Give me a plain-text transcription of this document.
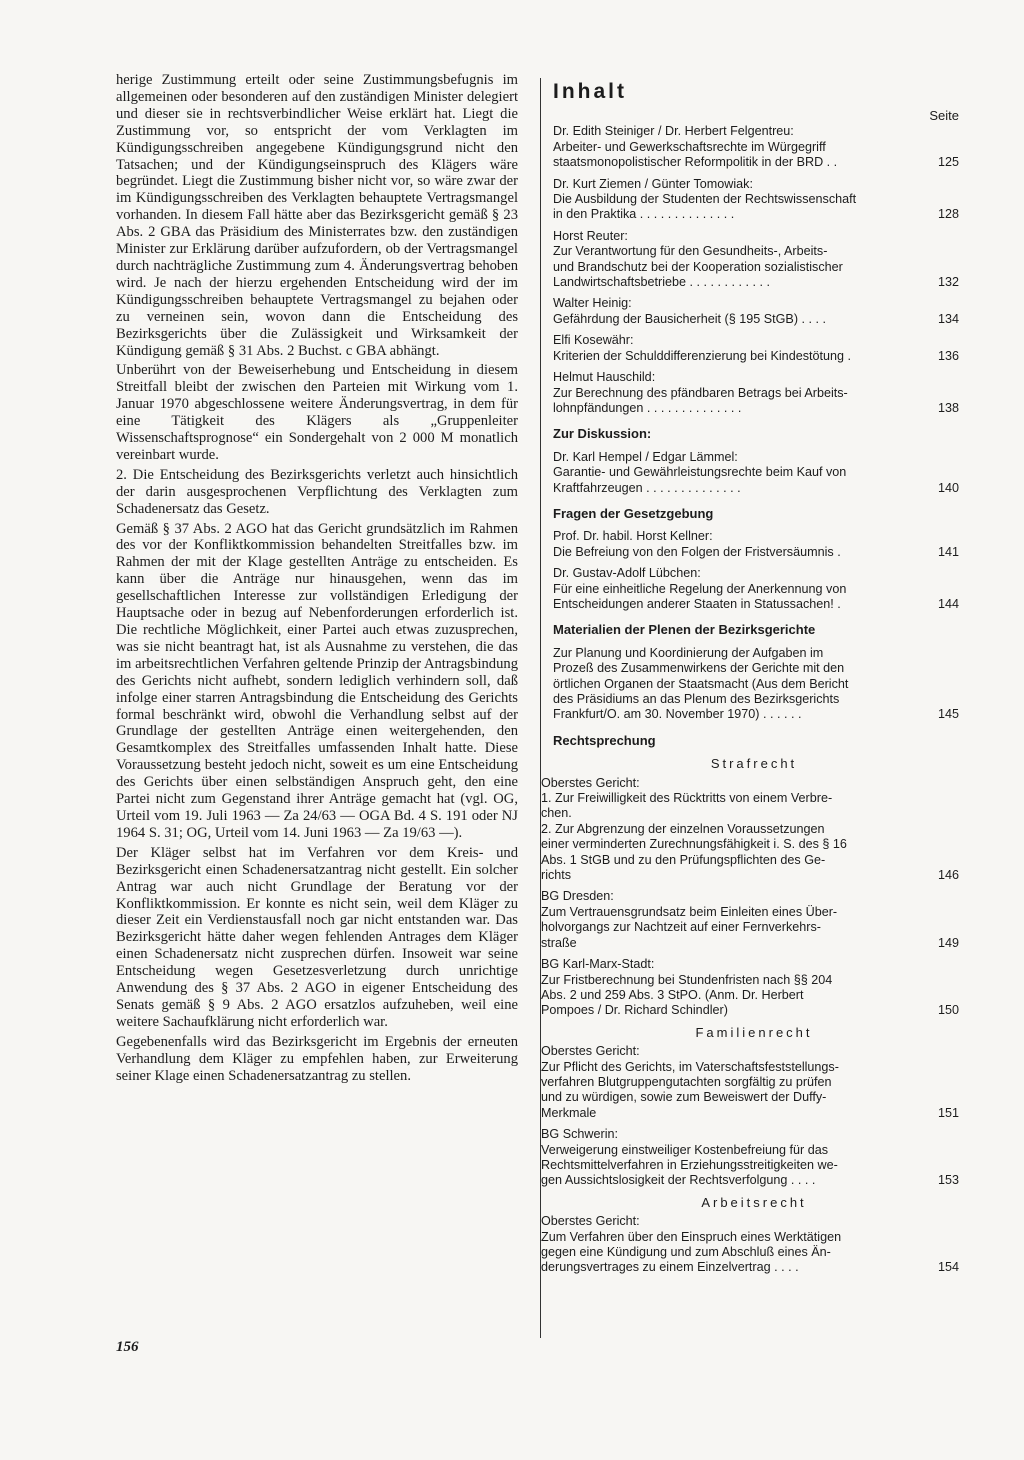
herige Zustimmung erteilt oder seine Zustimmungsbefugnis im allgemeinen oder besonderen auf den zuständigen Minister delegiert und dieser sie in rechtsverbindlicher Weise erklärt hat. Liegt die Zustimmung vor, so entspricht der vom Verklagten im Kündigungsschreiben angegebene Kündigungsgrund nicht den Tatsachen; und der Kündigungseinspruch des Klägers wäre begründet. Liegt die Zustimmung bisher nicht vor, so wäre zwar der im Kündigungsschreiben des Verklagten behauptete Vertragsmangel vorhanden. In diesem Fall hätte aber das Bezirksgericht gemäß § 23 Abs. 2 GBA das Präsidium des Ministerrates bzw. den zuständigen Minister zur Erklärung darüber aufzufordern, ob der Vertragsmangel durch nachträgliche Zustimmung zum 4. Änderungsvertrag behoben wird. Je nach der hierzu ergehenden Entscheidung wird der im Kündigungsschreiben behauptete Vertragsmangel zu bejahen oder zu verneinen sein, wovon dann die Entscheidung des Bezirksgerichts über die Zulässigkeit und Wirksamkeit der Kündigung gemäß § 31 Abs. 2 Buchst. c GBA abhängt.

Unberührt von der Beweiserhebung und Entscheidung in diesem Streitfall bleibt der zwischen den Parteien mit Wirkung vom 1. Januar 1970 abgeschlossene weitere Änderungsvertrag, in dem für eine Tätigkeit des Klägers als „Gruppenleiter Wissenschaftsprognose“ ein Sondergehalt von 2 000 M monatlich vereinbart wurde.

2. Die Entscheidung des Bezirksgerichts verletzt auch hinsichtlich der darin ausgesprochenen Verpflichtung des Verklagten zum Schadenersatz das Gesetz.

Gemäß § 37 Abs. 2 AGO hat das Gericht grundsätzlich im Rahmen des vor der Konfliktkommission behandelten Streitfalles bzw. im Rahmen der mit der Klage gestellten Anträge zu entscheiden. Es kann über die Anträge nur hinausgehen, wenn das im gesellschaftlichen Interesse zur vollständigen Erledigung der Hauptsache oder in bezug auf Nebenforderungen erforderlich ist. Die rechtliche Möglichkeit, einer Partei auch etwas zuzusprechen, was sie nicht beantragt hat, ist als Ausnahme zu verstehen, die das im arbeitsrechtlichen Verfahren geltende Prinzip der Antragsbindung des Gerichts nicht aufhebt, sondern lediglich verhindern soll, daß infolge einer starren Antragsbindung die Entscheidung des Gerichts formal beschränkt wird, obwohl die Verhandlung selbst auf der Grundlage der gestellten Anträge einen weitergehenden, den Gesamtkomplex des Streitfalles umfassenden Inhalt hatte. Diese Voraussetzung besteht jedoch nicht, soweit es um eine Entscheidung des Gerichts über einen selbständigen Anspruch geht, den eine Partei nicht zum Gegenstand ihrer Anträge gemacht hat (vgl. OG, Urteil vom 19. Juli 1963 — Za 24/63 — OGA Bd. 4 S. 191 oder NJ 1964 S. 31; OG, Urteil vom 14. Juni 1963 — Za 19/63 —).

Der Kläger selbst hat im Verfahren vor dem Kreis- und Bezirksgericht einen Schadenersatzantrag nicht gestellt. Ein solcher Antrag war auch nicht Grundlage der Beratung vor der Konfliktkommission. Er konnte es nicht sein, weil dem Kläger zu dieser Zeit ein Verdienstausfall noch gar nicht entstanden war. Das Bezirksgericht hätte daher wegen fehlenden Antrages dem Kläger einen Schadenersatz nicht zusprechen dürfen. Insoweit war seine Entscheidung wegen Gesetzesverletzung durch unrichtige Anwendung des § 37 Abs. 2 AGO in eigener Entscheidung des Senats gemäß § 9 Abs. 2 AGO ersatzlos aufzuheben, weil eine weitere Sachaufklärung nicht erforderlich war.

Gegebenenfalls wird das Bezirksgericht im Ergebnis der erneuten Verhandlung dem Kläger zu empfehlen haben, zur Erweiterung seiner Klage einen Schadenersatzantrag zu stellen.

156
Inhalt
Seite
Dr. Edith Steiniger / Dr. Herbert Felgentreu:
Arbeiter- und Gewerkschaftsrechte im Würgegriff
staatsmonopolistischer Reformpolitik in der BRD . .	125
Dr. Kurt Ziemen / Günter Tomowiak:
Die Ausbildung der Studenten der Rechtswissenschaft
in den Praktika . . . . . . . . . . . . . .	128
Horst Reuter:
Zur Verantwortung für den Gesundheits-, Arbeits-
und Brandschutz bei der Kooperation sozialistischer
Landwirtschaftsbetriebe . . . . . . . . . . . .	132
Walter Heinig:
Gefährdung der Bausicherheit (§ 195 StGB) . . . .	134
Elfi Kosewähr:
Kriterien der Schulddifferenzierung bei Kindestötung .	136
Helmut Hauschild:
Zur Berechnung des pfändbaren Betrags bei Arbeits-
lohnpfändungen . . . . . . . . . . . . . .	138
Zur Diskussion:
Dr. Karl Hempel / Edgar Lämmel:
Garantie- und Gewährleistungsrechte beim Kauf von
Kraftfahrzeugen . . . . . . . . . . . . . .	140
Fragen der Gesetzgebung
Prof. Dr. habil. Horst Kellner:
Die Befreiung von den Folgen der Fristversäumnis .	141
Dr. Gustav-Adolf Lübchen:
Für eine einheitliche Regelung der Anerkennung von
Entscheidungen anderer Staaten in Statussachen! .	144
Materialien der Plenen der Bezirksgerichte
Zur Planung und Koordinierung der Aufgaben im
Prozeß des Zusammenwirkens der Gerichte mit den
örtlichen Organen der Staatsmacht (Aus dem Bericht
des Präsidiums an das Plenum des Bezirksgerichts
Frankfurt/O. am 30. November 1970) . . . . . .	145
Rechtsprechung
Strafrecht
Oberstes Gericht:
1. Zur Freiwilligkeit des Rücktritts von einem Verbre-
chen.
2. Zur Abgrenzung der einzelnen Voraussetzungen
einer verminderten Zurechnungsfähigkeit i. S. des § 16
Abs. 1 StGB und zu den Prüfungspflichten des Ge-
richts	146
BG Dresden:
Zum Vertrauensgrundsatz beim Einleiten eines Über-
holvorgangs zur Nachtzeit auf einer Fernverkehrs-
straße	149
BG Karl-Marx-Stadt:
Zur Fristberechnung bei Stundenfristen nach §§ 204
Abs. 2 und 259 Abs. 3 StPO. (Anm. Dr. Herbert
Pompoes / Dr. Richard Schindler)	150
Familienrecht
Oberstes Gericht:
Zur Pflicht des Gerichts, im Vaterschaftsfeststellungs-
verfahren Blutgruppengutachten sorgfältig zu prüfen
und zu würdigen, sowie zum Beweiswert der Duffy-
Merkmale	151
BG Schwerin:
Verweigerung einstweiliger Kostenbefreiung für das
Rechtsmittelverfahren in Erziehungsstreitigkeiten we-
gen Aussichtslosigkeit der Rechtsverfolgung . . . .	153
Arbeitsrecht
Oberstes Gericht:
Zum Verfahren über den Einspruch eines Werktätigen
gegen eine Kündigung und zum Abschluß eines Än-
derungsvertrages zu einem Einzelvertrag . . . .	154
